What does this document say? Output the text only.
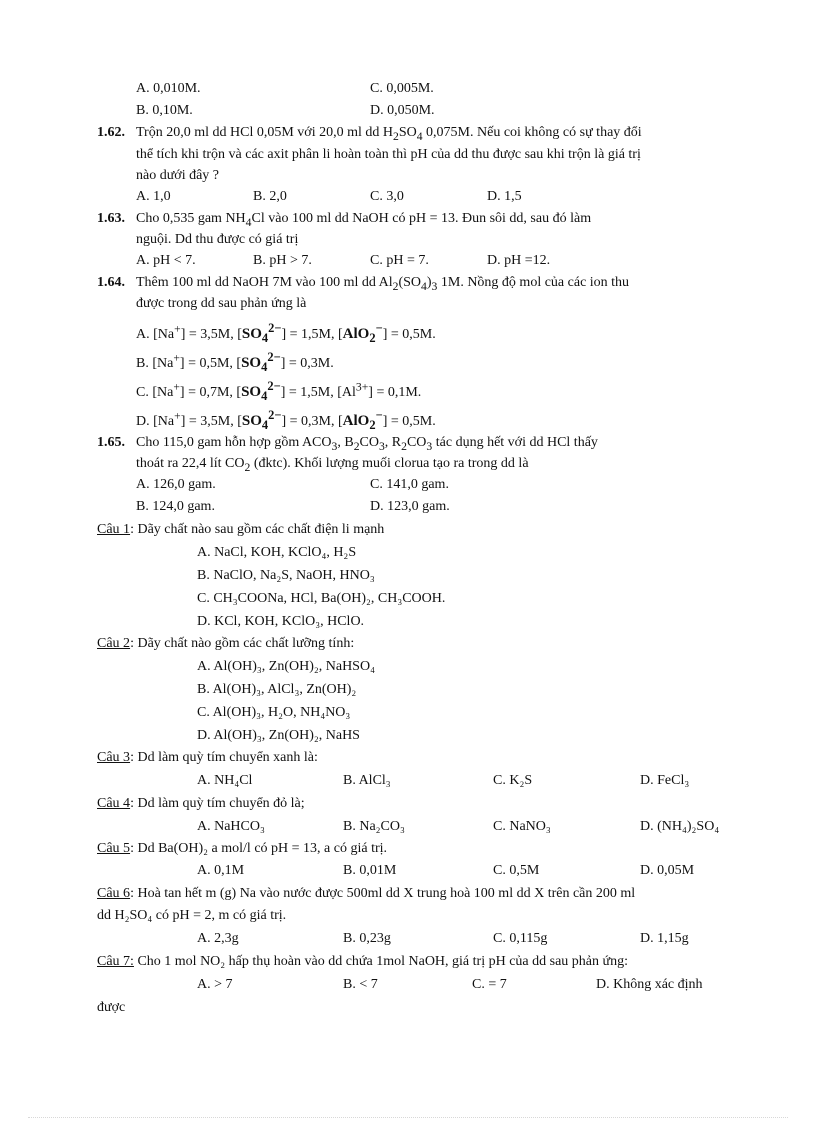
A. 0,010M.	C. 0,005M.
B. 0,10M.	D. 0,050M.
1.62. Trộn 20,0 ml dd HCl 0,05M với 20,0 ml dd $H_2SO_4$ 0,075M. Nếu coi không có sự thay đổi
thể tích khi trộn và các axit phân li hoàn toàn thì pH của dd thu được sau khi trộn là giá trị
nào dưới đây ?
A. 1,0	B. 2,0	C. 3,0	D. 1,5
1.63. Cho 0,535 gam $NH_4Cl$ vào 100 ml dd NaOH có pH = 13. Đun sôi dd, sau đó làm
nguội. Dd thu được có giá trị
A. pH < 7.	B. pH > 7.	C. pH = 7.	D. pH =12.
1.64. Thêm 100 ml dd NaOH 7M vào 100 ml dd $Al_2(SO_4)_3$ 1M. Nồng độ mol của các ion thu
được trong dd sau phản ứng là
A. [Na+] = 3,5M, $[SO_4^{2-}] = 1,5M$, [AlO$_2$−] = 0,5M.
B. [Na+] = 0,5M, $[SO_4^{2-}] = 0,3M$.
C. [Na+] = 0,7M, $[SO_4^{2-}] = 1,5M$, $[Al^{3+}] = 0,1M$.
D. [Na+] = 3,5M, $[SO_4^{2-}] = 0,3M$, [AlO$_2$−] = 0,5M.
1.65. Cho 115,0 gam hỗn hợp gồm $ACO_3$, $B_2CO_3$, $R_2CO_3$ tác dụng hết với dd HCl thấy
thoát ra 22,4 lít $CO_2$ (đktc). Khối lượng muối clorua tạo ra trong dd là
A. 126,0 gam.	C. 141,0 gam.
B. 124,0 gam.	D. 123,0 gam.
Câu 1: Dãy chất nào sau gồm các chất điện li mạnh
A. NaCl, KOH, KClO₄, H₂S
B. NaClO, Na₂S, NaOH, HNO₃
C. CH₃COONa, HCl, Ba(OH)₂, CH₃COOH.
D. KCl, KOH, KClO₃, HClO.
Câu 2: Dãy chất nào gồm các chất lưỡng tính:
A. Al(OH)₃, Zn(OH)₂, NaHSO₄
B. Al(OH)₃, AlCl₃, Zn(OH)₂
C. Al(OH)₃, H₂O, NH₄NO₃
D. Al(OH)₃, Zn(OH)₂, NaHS
Câu 3: Dd làm quỳ tím chuyển xanh là:
A. NH₄Cl	B. AlCl₃	C. K₂S	D. FeCl₃
Câu 4: Dd làm quỳ tím chuyển đỏ là;
A. NaHCO₃	B. Na₂CO₃	C. NaNO₃	D. (NH₄)₂SO₄
Câu 5: Dd Ba(OH)₂ a mol/l có pH = 13, a có giá trị.
A. 0,1M	B. 0,01M	C. 0,5M	D. 0,05M
Câu 6: Hoà tan hết m (g) Na vào nước được 500ml dd X trung hoà 100 ml dd X trên cần 200 ml
dd H₂SO₄ có pH = 2, m có giá trị.
A. 2,3g	B. 0,23g	C. 0,115g	D. 1,15g
Câu 7: Cho 1 mol NO₂ hấp thụ hoàn vào dd chứa 1mol NaOH, giá trị pH của dd sau phản ứng:
A. > 7	B. < 7	C. = 7	D. Không xác định
được
